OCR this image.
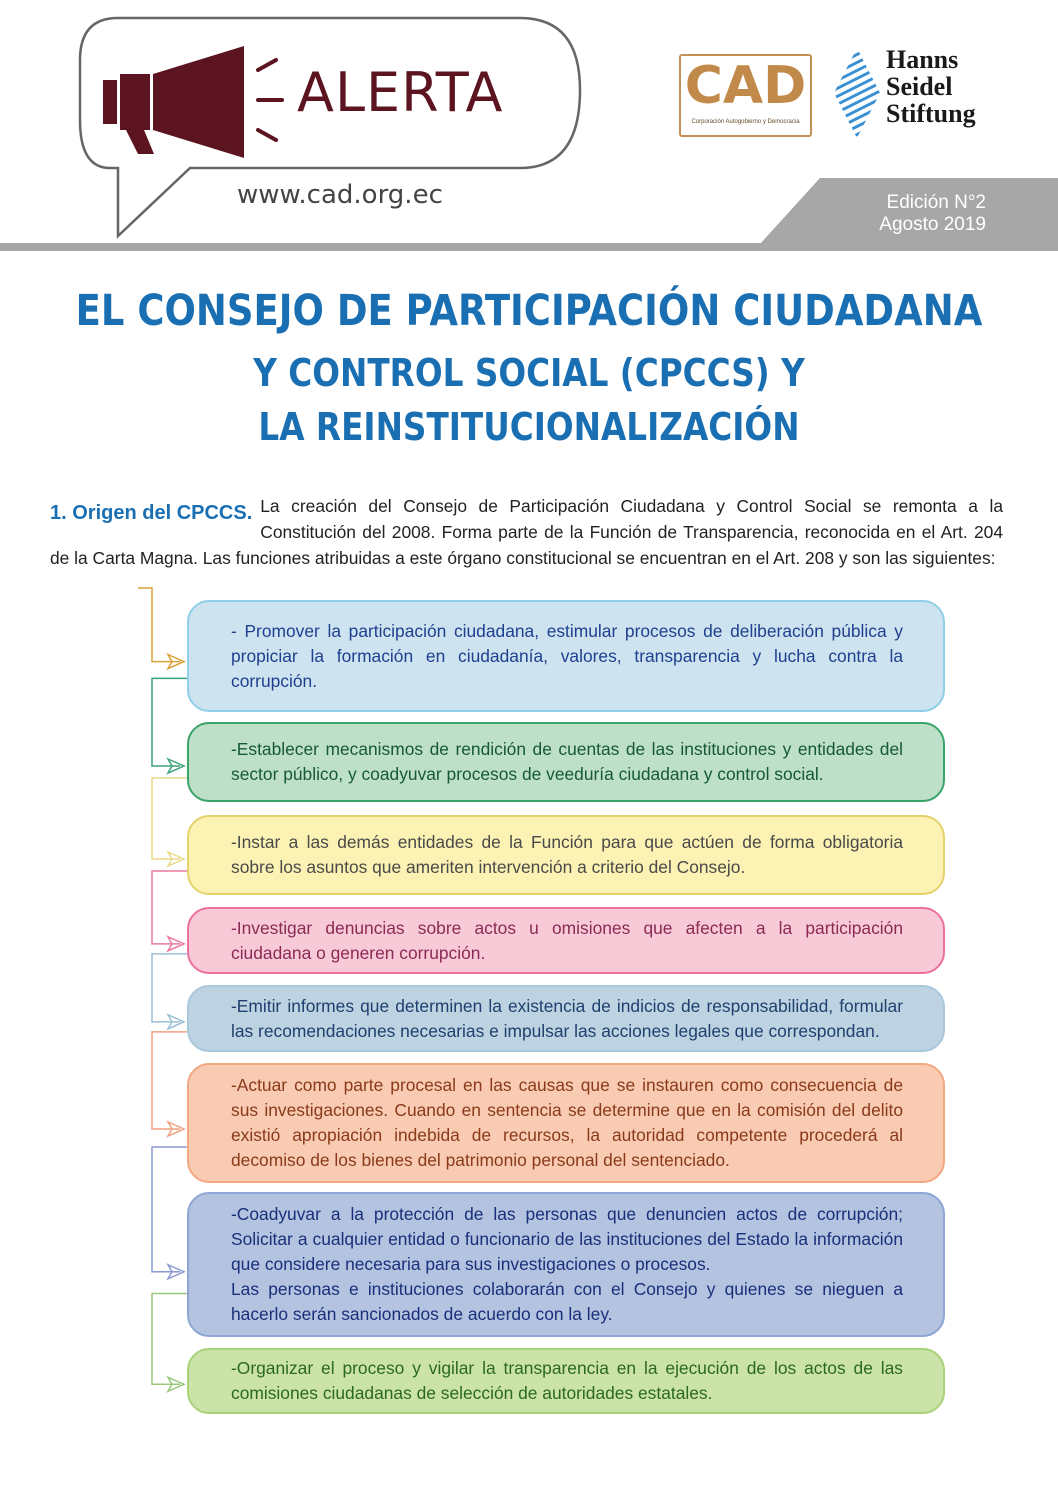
ALERTA
www.cad.org.ec
CAD
Corporación Autogobierno y Democracia
Hanns
Seidel
Stiftung
Edición N°2
Agosto 2019
EL CONSEJO DE PARTICIPACIÓN CIUDADANA
Y CONTROL SOCIAL (CPCCS) Y
LA REINSTITUCIONALIZACIÓN
1. Origen del CPCCS. La creación del Consejo de Participación Ciudadana y Control Social se remonta a la Constitución del 2008. Forma parte de la Función de Transparencia, reconocida en el Art. 204 de la Carta Magna. Las funciones atribuidas a este órgano constitucional se encuentran en el Art. 208 y son las siguientes:
- Promover la participación ciudadana, estimular procesos de deliberación pública y propiciar la formación en ciudadanía, valores, transparencia y lucha contra la corrupción.
-Establecer mecanismos de rendición de cuentas de las instituciones y entidades del sector público, y coadyuvar procesos de veeduría ciudadana y control social.
-Instar a las demás entidades de la Función para que actúen de forma obligatoria sobre los asuntos que ameriten intervención a criterio del Consejo.
-Investigar denuncias sobre actos u omisiones que afecten a la participación ciudadana o generen corrupción.
-Emitir informes que determinen la existencia de indicios de responsabilidad, formular las recomendaciones necesarias e impulsar las acciones legales que correspondan.
-Actuar como parte procesal en las causas que se instauren como consecuencia de sus investigaciones. Cuando en sentencia se determine que en la comisión del delito existió apropiación indebida de recursos, la autoridad competente procederá al decomiso de los bienes del patrimonio personal del sentenciado.
-Coadyuvar a la protección de las personas que denuncien actos de corrupción; Solicitar a cualquier entidad o funcionario de las instituciones del Estado la información que considere necesaria para sus investigaciones o procesos.
Las personas e instituciones colaborarán con el Consejo y quienes se nieguen a hacerlo serán sancionados de acuerdo con la ley.
-Organizar el proceso y vigilar la transparencia en la ejecución de los actos de las comisiones ciudadanas de selección de autoridades estatales.
